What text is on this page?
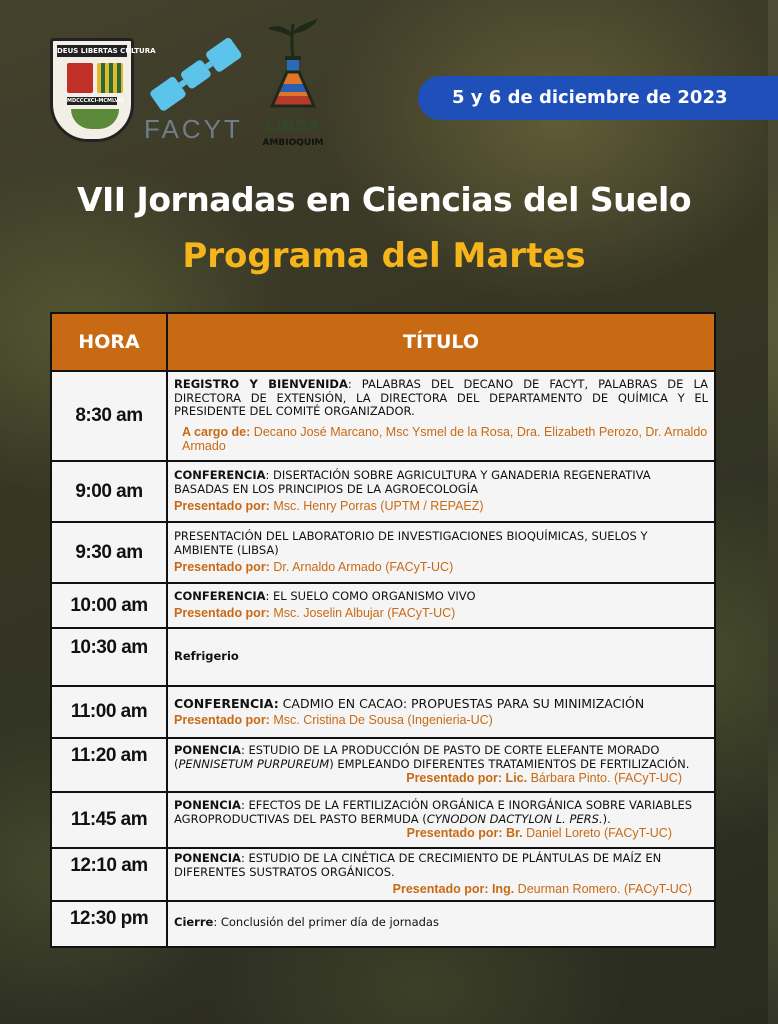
DEUS LIBERTAS CULTURA
MDCCCXCI-MCMLVIII
FACYT	LIBSA
AMBIOQUIM
5 y 6 de diciembre de 2023
VII Jornadas en Ciencias del Suelo
Programa del Martes
HORA	TÍTULO
8:30 am	REGISTRO Y BIENVENIDA: PALABRAS DEL DECANO DE FACYT, PALABRAS DE LA DIRECTORA DE EXTENSIÓN, LA DIRECTORA DEL DEPARTAMENTO DE QUÍMICA Y EL PRESIDENTE DEL COMITÉ ORGANIZADOR.
A cargo de: Decano José Marcano, Msc Ysmel de la Rosa, Dra. Elizabeth Perozo, Dr. Arnaldo Armado

9:00 am	CONFERENCIA: DISERTACIÓN SOBRE AGRICULTURA Y GANADERIA REGENERATIVA BASADAS EN LOS PRINCIPIOS DE LA AGROECOLOGÍA
Presentado por: Msc. Henry Porras (UPTM / REPAEZ)

9:30 am	PRESENTACIÓN DEL LABORATORIO DE INVESTIGACIONES BIOQUÍMICAS, SUELOS Y AMBIENTE (LIBSA)
Presentado por: Dr. Arnaldo Armado (FACyT-UC)

10:00 am	CONFERENCIA: EL SUELO COMO ORGANISMO VIVO
Presentado por: Msc. Joselin Albujar (FACyT-UC)

10:30 am	Refrigerio
11:00 am	CONFERENCIA: CADMIO EN CACAO: PROPUESTAS PARA SU MINIMIZACIÓN
Presentado por: Msc. Cristina De Sousa (Ingenieria-UC)

11:20 am	PONENCIA: ESTUDIO DE LA PRODUCCIÓN DE PASTO DE CORTE ELEFANTE MORADO (PENNISETUM PURPUREUM) EMPLEANDO DIFERENTES TRATAMIENTOS DE FERTILIZACIÓN.
Presentado por: Lic. Bárbara Pinto. (FACyT-UC)

11:45 am	PONENCIA: EFECTOS DE LA FERTILIZACIÓN ORGÁNICA E INORGÁNICA SOBRE VARIABLES AGROPRODUCTIVAS DEL PASTO BERMUDA (CYNODON DACTYLON L. PERS.).
Presentado por: Br. Daniel Loreto (FACyT-UC)

12:10 am	PONENCIA: ESTUDIO DE LA CINÉTICA DE CRECIMIENTO DE PLÁNTULAS DE MAÍZ EN DIFERENTES SUSTRATOS ORGÁNICOS.
Presentado por: Ing. Deurman Romero. (FACyT-UC)

12:30 pm	Cierre: Conclusión del primer día de jornadas
